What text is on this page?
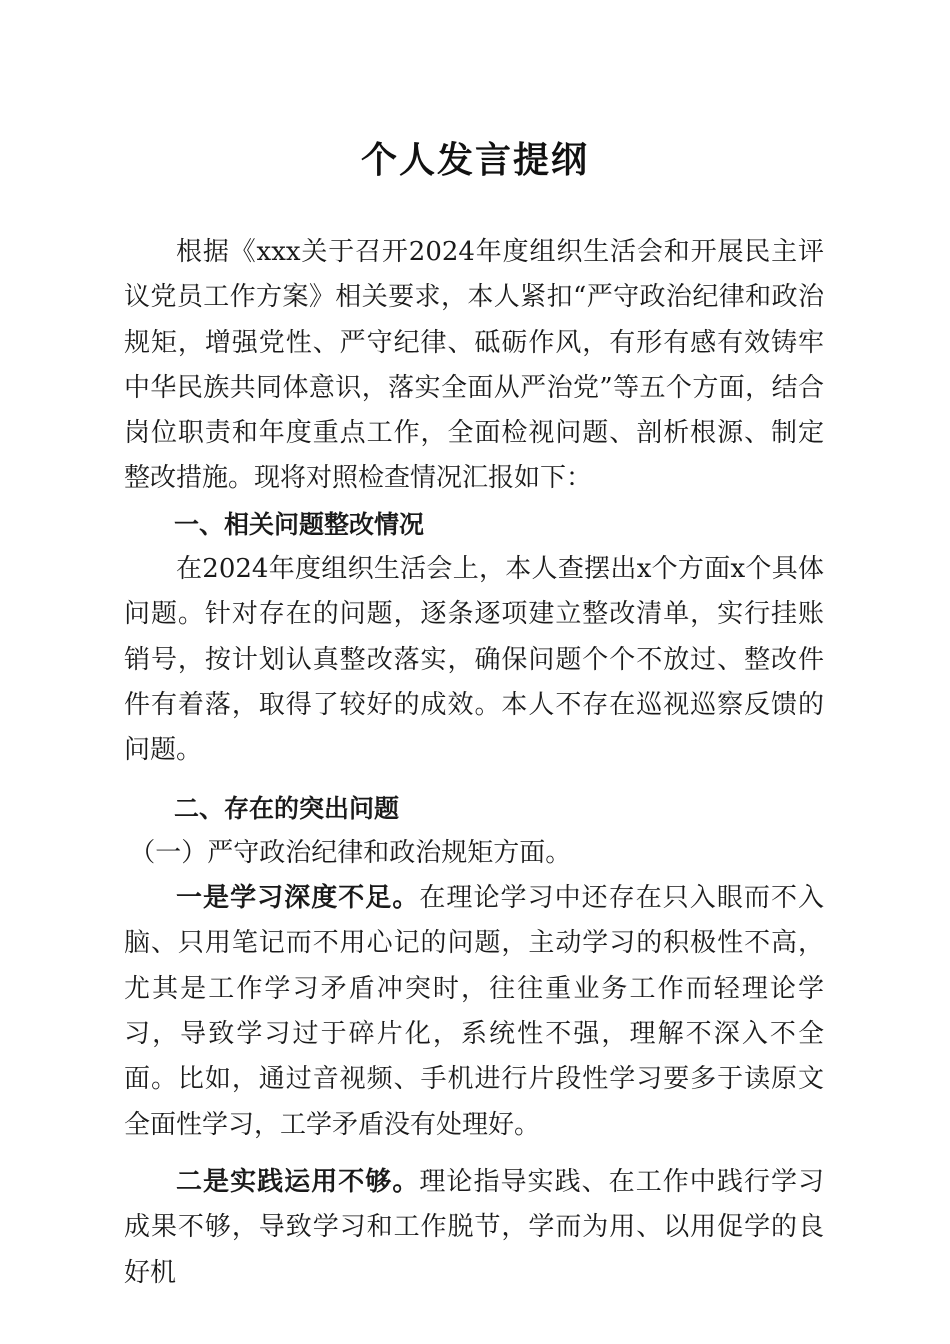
个人发言提纲

根据《xxx关于召开2024年度组织生活会和开展民主评议党员工作方案》相关要求，本人紧扣“严守政治纪律和政治规矩，增强党性、严守纪律、砥砺作风，有形有感有效铸牢中华民族共同体意识，落实全面从严治党”等五个方面，结合岗位职责和年度重点工作，全面检视问题、剖析根源、制定整改措施。现将对照检查情况汇报如下：

一、相关问题整改情况

在2024年度组织生活会上，本人查摆出x个方面x个具体问题。针对存在的问题，逐条逐项建立整改清单，实行挂账销号，按计划认真整改落实，确保问题个个不放过、整改件件有着落，取得了较好的成效。本人不存在巡视巡察反馈的问题。

二、存在的突出问题

（一）严守政治纪律和政治规矩方面。

一是学习深度不足。在理论学习中还存在只入眼而不入脑、只用笔记而不用心记的问题，主动学习的积极性不高，尤其是工作学习矛盾冲突时，往往重业务工作而轻理论学习，导致学习过于碎片化，系统性不强，理解不深入不全面。比如，通过音视频、手机进行片段性学习要多于读原文全面性学习，工学矛盾没有处理好。

二是实践运用不够。理论指导实践、在工作中践行学习成果不够，导致学习和工作脱节，学而为用、以用促学的良好机
